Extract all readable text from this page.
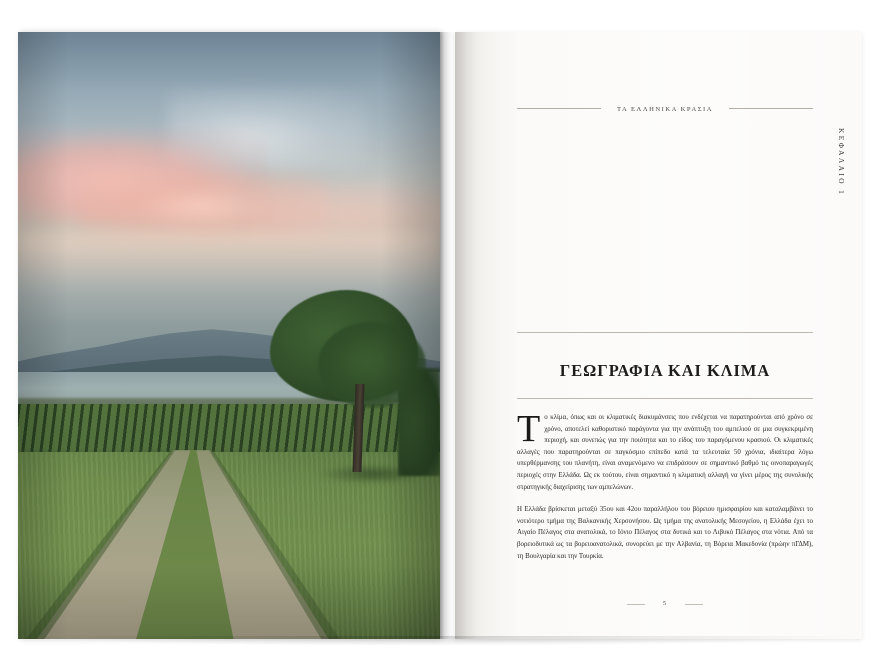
ΤΑ ΕΛΛΗΝΙΚΑ ΚΡΑΣΙΑ
ΚΕΦΑΛΑΙΟ 1
ΓΕΩΓΡΑΦΙΑ ΚΑΙ ΚΛΙΜΑ

Το κλίμα, όπως και οι κλιματικές διακυμάνσεις που ενδέχεται να παρατηρούνται από χρόνο σε χρόνο, αποτελεί καθοριστικό παράγοντα για την ανάπτυξη του αμπελιού σε μια συγκεκριμένη περιοχή, και συνεπώς για την ποιότητα και το είδος του παραγόμενου κρασιού. Οι κλιματικές αλλαγές που παρατηρούνται σε παγκόσμιο επίπεδο κατά τα τελευταία 50 χρόνια, ιδιαίτερα λόγω υπερθέρμανσης του πλανήτη, είναι αναμενόμενο να επιδράσουν σε σημαντικό βαθμό τις οινοπαραγωγές περιοχές στην Ελλάδα. Ως εκ τούτου, είναι σημαντικό η κλιματική αλλαγή να γίνει μέρος της συνολικής στρατηγικής διαχείρισης των αμπελώνων.

Η Ελλάδα βρίσκεται μεταξύ 35ου και 42ου παραλλήλου του βόρειου ημισφαιρίου και καταλαμβάνει το νοτιότερο τμήμα της Βαλκανικής Χερσονήσου. Ως τμήμα της ανατολικής Μεσογείου, η Ελλάδα έχει το Αιγαίο Πέλαγος στα ανατολικά, το Ιόνιο Πέλαγος στα δυτικά και το Λιβυκό Πέλαγος στα νότια. Από τα βορειοδυτικά ως τα βορειοανατολικά, συνορεύει με την Αλβανία, τη Βόρεια Μακεδονία (πρώην πΓΔΜ), τη Βουλγαρία και την Τουρκία.

5
